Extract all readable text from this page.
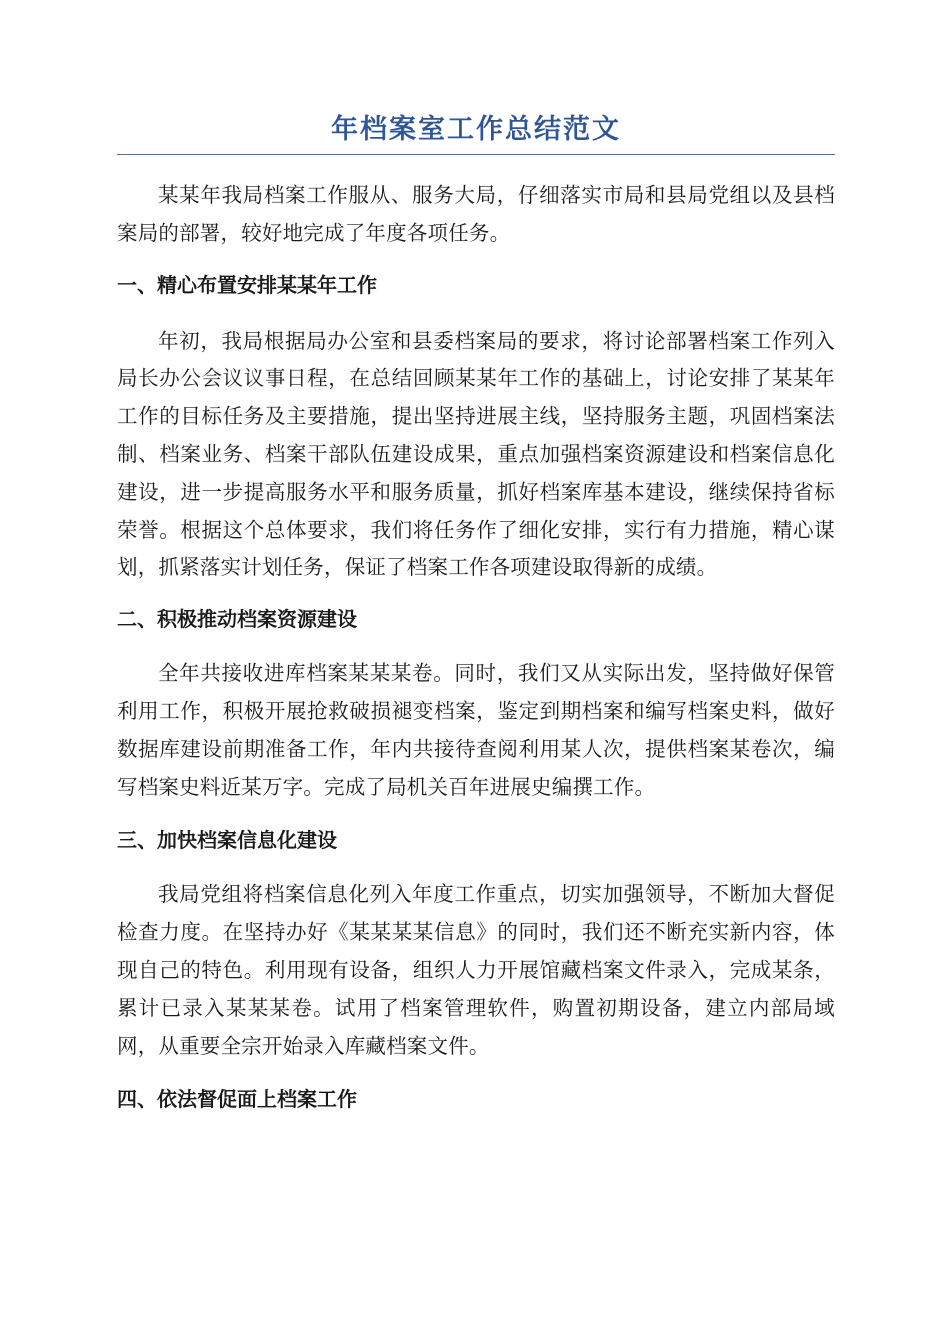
年档案室工作总结范文

某某年我局档案工作服从、服务大局，仔细落实市局和县局党组以及县档案局的部署，较好地完成了年度各项任务。

一、精心布置安排某某年工作

年初，我局根据局办公室和县委档案局的要求，将讨论部署档案工作列入局长办公会议议事日程，在总结回顾某某年工作的基础上，讨论安排了某某年工作的目标任务及主要措施，提出坚持进展主线，坚持服务主题，巩固档案法制、档案业务、档案干部队伍建设成果，重点加强档案资源建设和档案信息化建设，进一步提高服务水平和服务质量，抓好档案库基本建设，继续保持省标荣誉。根据这个总体要求，我们将任务作了细化安排，实行有力措施，精心谋划，抓紧落实计划任务，保证了档案工作各项建设取得新的成绩。

二、积极推动档案资源建设

全年共接收进库档案某某某卷。同时，我们又从实际出发，坚持做好保管利用工作，积极开展抢救破损褪变档案，鉴定到期档案和编写档案史料，做好数据库建设前期准备工作，年内共接待查阅利用某人次，提供档案某卷次，编写档案史料近某万字。完成了局机关百年进展史编撰工作。

三、加快档案信息化建设

我局党组将档案信息化列入年度工作重点，切实加强领导，不断加大督促检查力度。在坚持办好《某某某某信息》的同时，我们还不断充实新内容，体现自己的特色。利用现有设备，组织人力开展馆藏档案文件录入，完成某条，累计已录入某某某卷。试用了档案管理软件，购置初期设备，建立内部局域网，从重要全宗开始录入库藏档案文件。

四、依法督促面上档案工作
